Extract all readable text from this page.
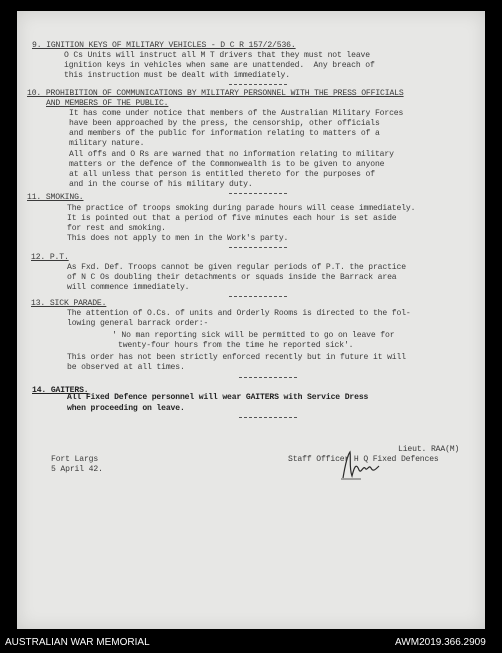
9. IGNITION KEYS OF MILITARY VEHICLES - D C R 157/2/536.
O Cs Units will instruct all M T drivers that they must not leave
ignition keys in vehicles when same are unattended.  Any breach of
this instruction must be dealt with immediately.
10. PROHIBITION OF COMMUNICATIONS BY MILITARY PERSONNEL WITH THE PRESS OFFICIALS
AND MEMBERS OF THE PUBLIC.
It has come under notice that members of the Australian Military Forces
have been approached by the press, the censorship, other officials
and members of the public for information relating to matters of a
military nature.
All offs and O Rs are warned that no information relating to military
matters or the defence of the Commonwealth is to be given to anyone
at all unless that person is entitled thereto for the purposes of
and in the course of his military duty.
11. SMOKING.
The practice of troops smoking during parade hours will cease immediately.
It is pointed out that a period of five minutes each hour is set aside
for rest and smoking.
This does not apply to men in the Work's party.
12. P.T.
As Fxd. Def. Troops cannot be given regular periods of P.T. the practice
of N C Os doubling their detachments or squads inside the Barrack area
will commence immediately.
13. SICK PARADE.
The attention of O.Cs. of units and Orderly Rooms is directed to the fol-
lowing general barrack order:-
' No man reporting sick will be permitted to go on leave for
twenty-four hours from the time he reported sick'.
This order has not been strictly enforced recently but in future it will
be observed at all times.
14. GAITERS.
All Fixed Defence personnel will wear GAITERS with Service Dress
when proceeding on leave.
Fort Largs
5 April 42.
Lieut. RAA(M)
Staff Officer H Q Fixed Defences
AUSTRALIAN WAR MEMORIAL	AWM2019.366.2909
